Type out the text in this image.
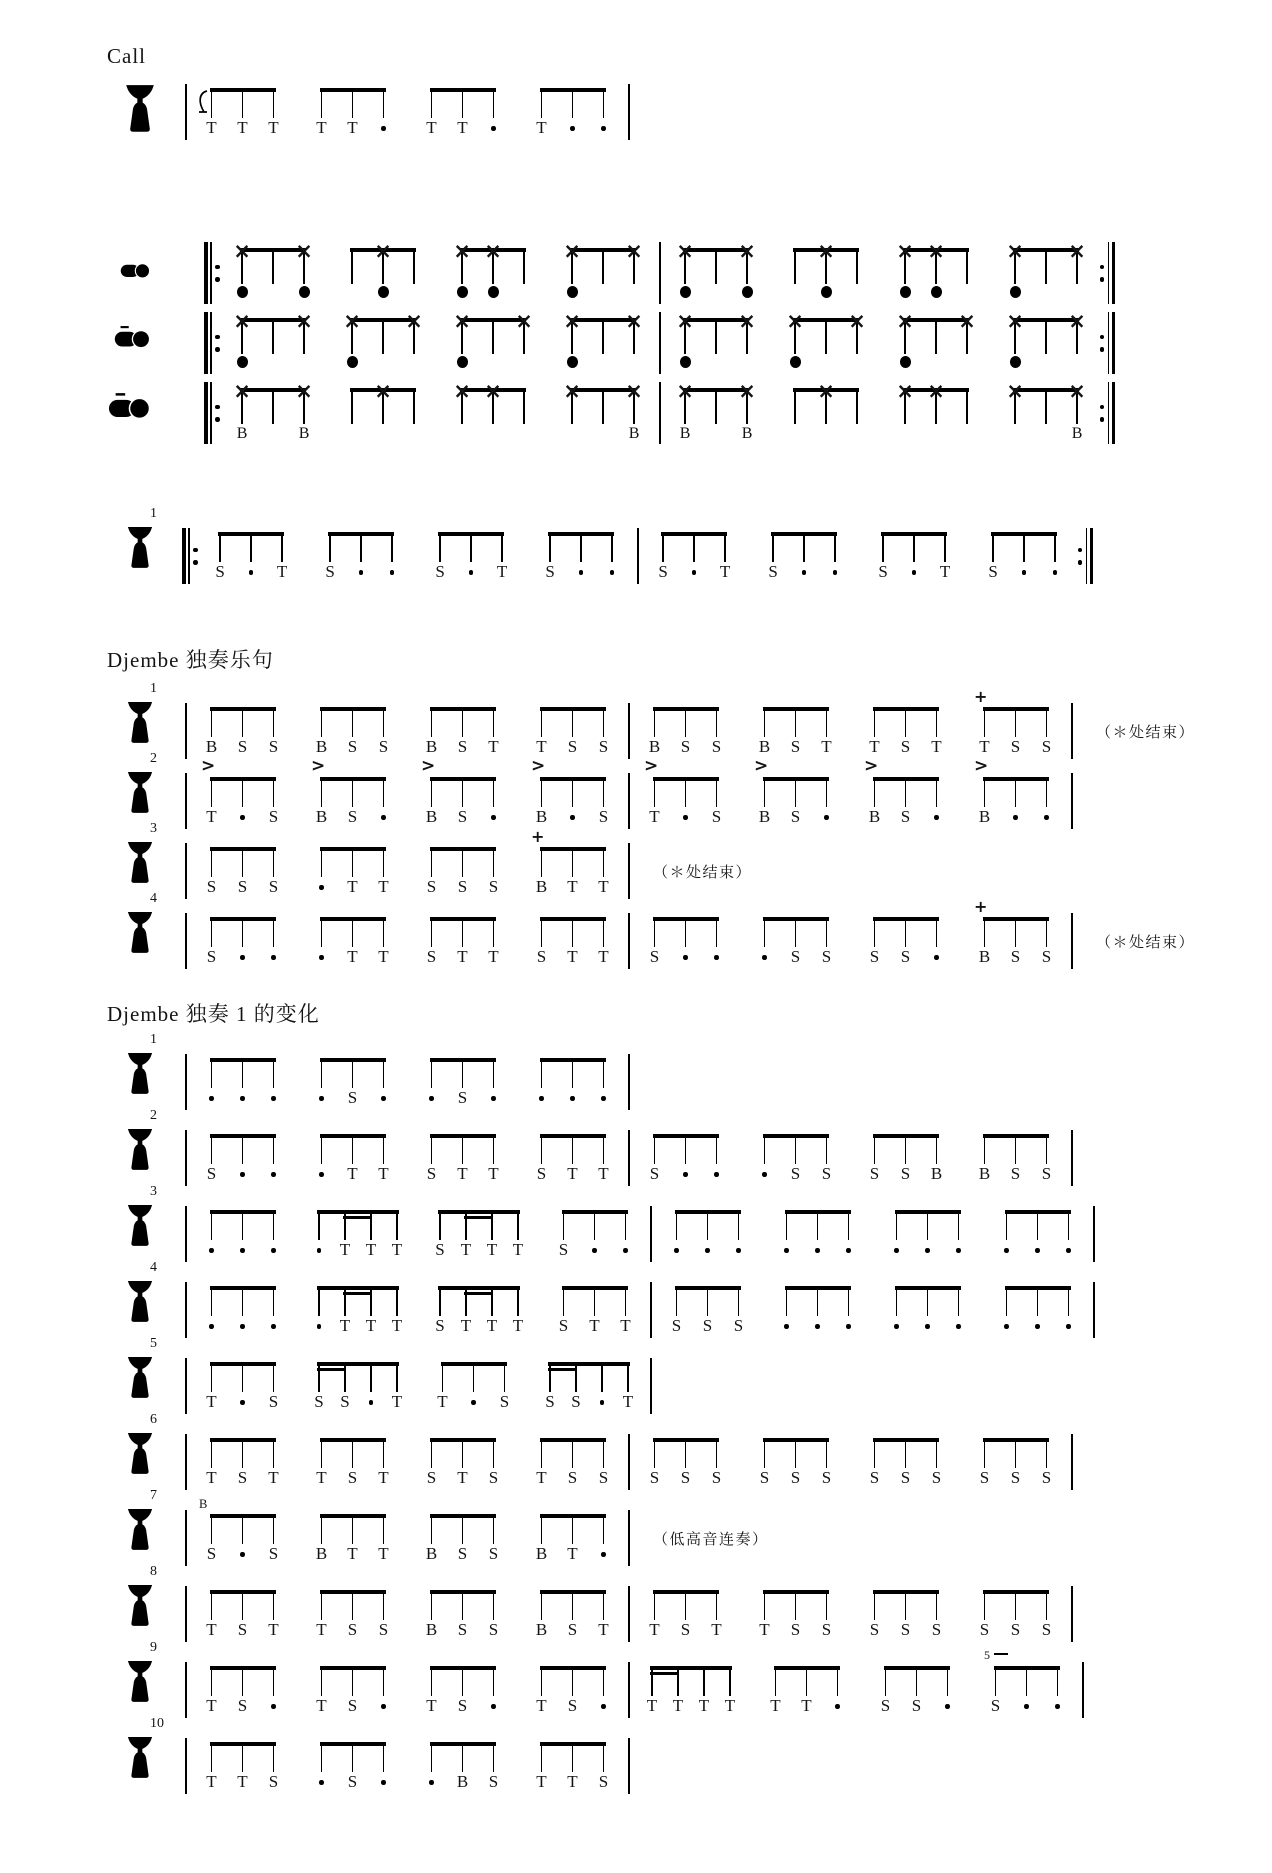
Call
Djembe 独奏乐句
Djembe 独奏 1 的变化
T	T	T	T	T	T	T	T
×	×	×	× ×	×	×	×	×	×	× ×	×	×
×	×	×	×	×	×	×	×	×	×	×	×	×	×	×	×
×
B
×
B
×	× ×	×	×
B
×
B
×
B
×	× ×	×	×
B
1
S	T	S	S	T	S	S	T	S	S	T	S
1
B	S	S	B	S	S	B	S	T	T	S	S	B	S	S	B	S	T	T	S	T
+
T	S	S
（＊处结束）
2	>
T	S
>
B	S
>
B	S
>
B	S
>
T	S
>
B	S
>
B	S
>
B
3
S	S	S	T	T	S	S	S
+
B	T	T
（＊处结束）
4
S	T	T	S	T	T	S	T	T	S	S	S	S	S
+
B	S	S
（＊处结束）
1
S	S
2
S	T	T	S	T	T	S	T	T	S	S	S	S	S	B	B	S	S
3
T T T	S T T T	S
4
T T T	S T T T	S	T	T	S	S	S
5
T	S	S S	T	T	S	S S	T
6
T	S	T	T	S	T	S	T	S	T	S	S	S	S	S	S	S	S	S	S	S	S	S	S
7
B
S	S	B	T	T	B	S	S	B	T
（低高音连奏）
8
T	S	T	T	S	S	B	S	S	B	S	T	T	S	T	T	S	S	S	S	S	S	S	S
9
T	S	T	S	T	S	T	S	T T T T	T	T	S	S
5
S
10
T	T	S	S	B	S	T	T	S
